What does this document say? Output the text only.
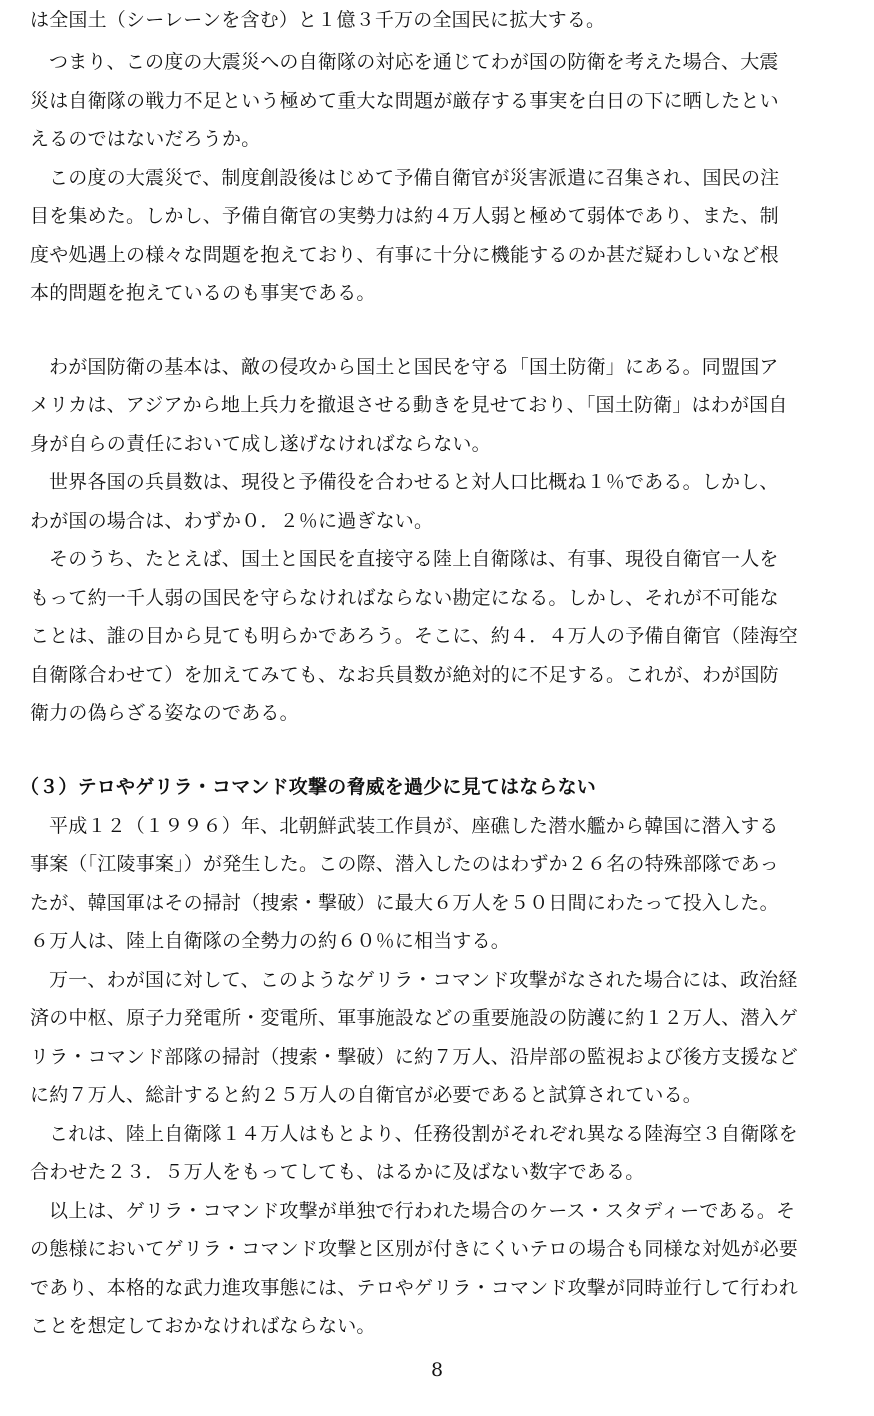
は全国土（シーレーンを含む）と１億３千万の全国民に拡大する。
つまり、この度の大震災への自衛隊の対応を通じてわが国の防衛を考えた場合、大震
災は自衛隊の戦力不足という極めて重大な問題が厳存する事実を白日の下に晒したとい
えるのではないだろうか。
この度の大震災で、制度創設後はじめて予備自衛官が災害派遣に召集され、国民の注
目を集めた。しかし、予備自衛官の実勢力は約４万人弱と極めて弱体であり、また、制
度や処遇上の様々な問題を抱えており、有事に十分に機能するのか甚だ疑わしいなど根
本的問題を抱えているのも事実である。
わが国防衛の基本は、敵の侵攻から国土と国民を守る「国土防衛」にある。同盟国ア
メリカは、アジアから地上兵力を撤退させる動きを見せており、「国土防衛」はわが国自
身が自らの責任において成し遂げなければならない。
世界各国の兵員数は、現役と予備役を合わせると対人口比概ね１％である。しかし、
わが国の場合は、わずか０．２％に過ぎない。
そのうち、たとえば、国土と国民を直接守る陸上自衛隊は、有事、現役自衛官一人を
もって約一千人弱の国民を守らなければならない勘定になる。しかし、それが不可能な
ことは、誰の目から見ても明らかであろう。そこに、約４．４万人の予備自衛官（陸海空
自衛隊合わせて）を加えてみても、なお兵員数が絶対的に不足する。これが、わが国防
衛力の偽らざる姿なのである。
（３）テロやゲリラ・コマンド攻撃の脅威を過少に見てはならない
平成１２（１９９６）年、北朝鮮武装工作員が、座礁した潜水艦から韓国に潜入する
事案（「江陵事案」）が発生した。この際、潜入したのはわずか２６名の特殊部隊であっ
たが、韓国軍はその掃討（捜索・撃破）に最大６万人を５０日間にわたって投入した。
６万人は、陸上自衛隊の全勢力の約６０％に相当する。
万一、わが国に対して、このようなゲリラ・コマンド攻撃がなされた場合には、政治経
済の中枢、原子力発電所・変電所、軍事施設などの重要施設の防護に約１２万人、潜入ゲ
リラ・コマンド部隊の掃討（捜索・撃破）に約７万人、沿岸部の監視および後方支援など
に約７万人、総計すると約２５万人の自衛官が必要であると試算されている。
これは、陸上自衛隊１４万人はもとより、任務役割がそれぞれ異なる陸海空３自衛隊を
合わせた２３．５万人をもってしても、はるかに及ばない数字である。
以上は、ゲリラ・コマンド攻撃が単独で行われた場合のケース・スタディーである。そ
の態様においてゲリラ・コマンド攻撃と区別が付きにくいテロの場合も同様な対処が必要
であり、本格的な武力進攻事態には、テロやゲリラ・コマンド攻撃が同時並行して行われ
ことを想定しておかなければならない。
8
